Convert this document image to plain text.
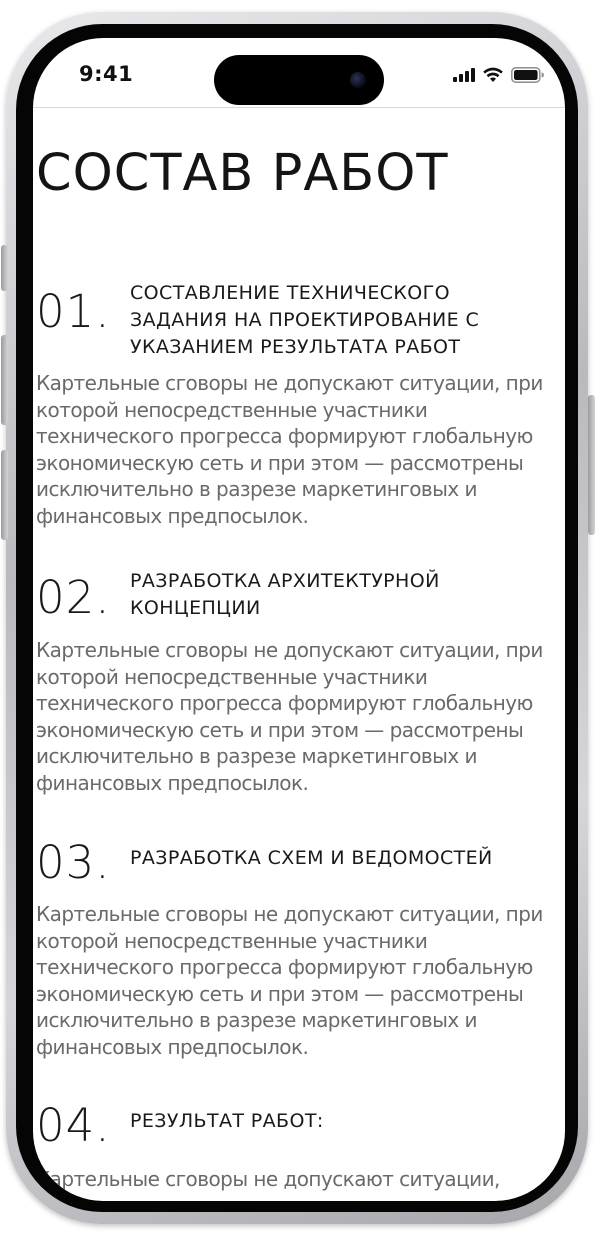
9:41
СОСТАВ РАБОТ
01. СОСТАВЛЕНИЕ ТЕХНИЧЕСКОГО ЗАДАНИЯ НА ПРОЕКТИРОВАНИЕ С УКАЗАНИЕМ РЕЗУЛЬТАТА РАБОТ

Картельные сговоры не допускают ситуации, при которой непосредственные участники технического прогресса формируют глобальную экономическую сеть и при этом — рассмотрены исключительно в разрезе маркетинговых и финансовых предпосылок.

02. РАЗРАБОТКА АРХИТЕКТУРНОЙ КОНЦЕПЦИИ

Картельные сговоры не допускают ситуации, при которой непосредственные участники технического прогресса формируют глобальную экономическую сеть и при этом — рассмотрены исключительно в разрезе маркетинговых и финансовых предпосылок.

03. РАЗРАБОТКА СХЕМ И ВЕДОМОСТЕЙ

Картельные сговоры не допускают ситуации, при которой непосредственные участники технического прогресса формируют глобальную экономическую сеть и при этом — рассмотрены исключительно в разрезе маркетинговых и финансовых предпосылок.

04. РЕЗУЛЬТАТ РАБОТ:

Картельные сговоры не допускают ситуации,
